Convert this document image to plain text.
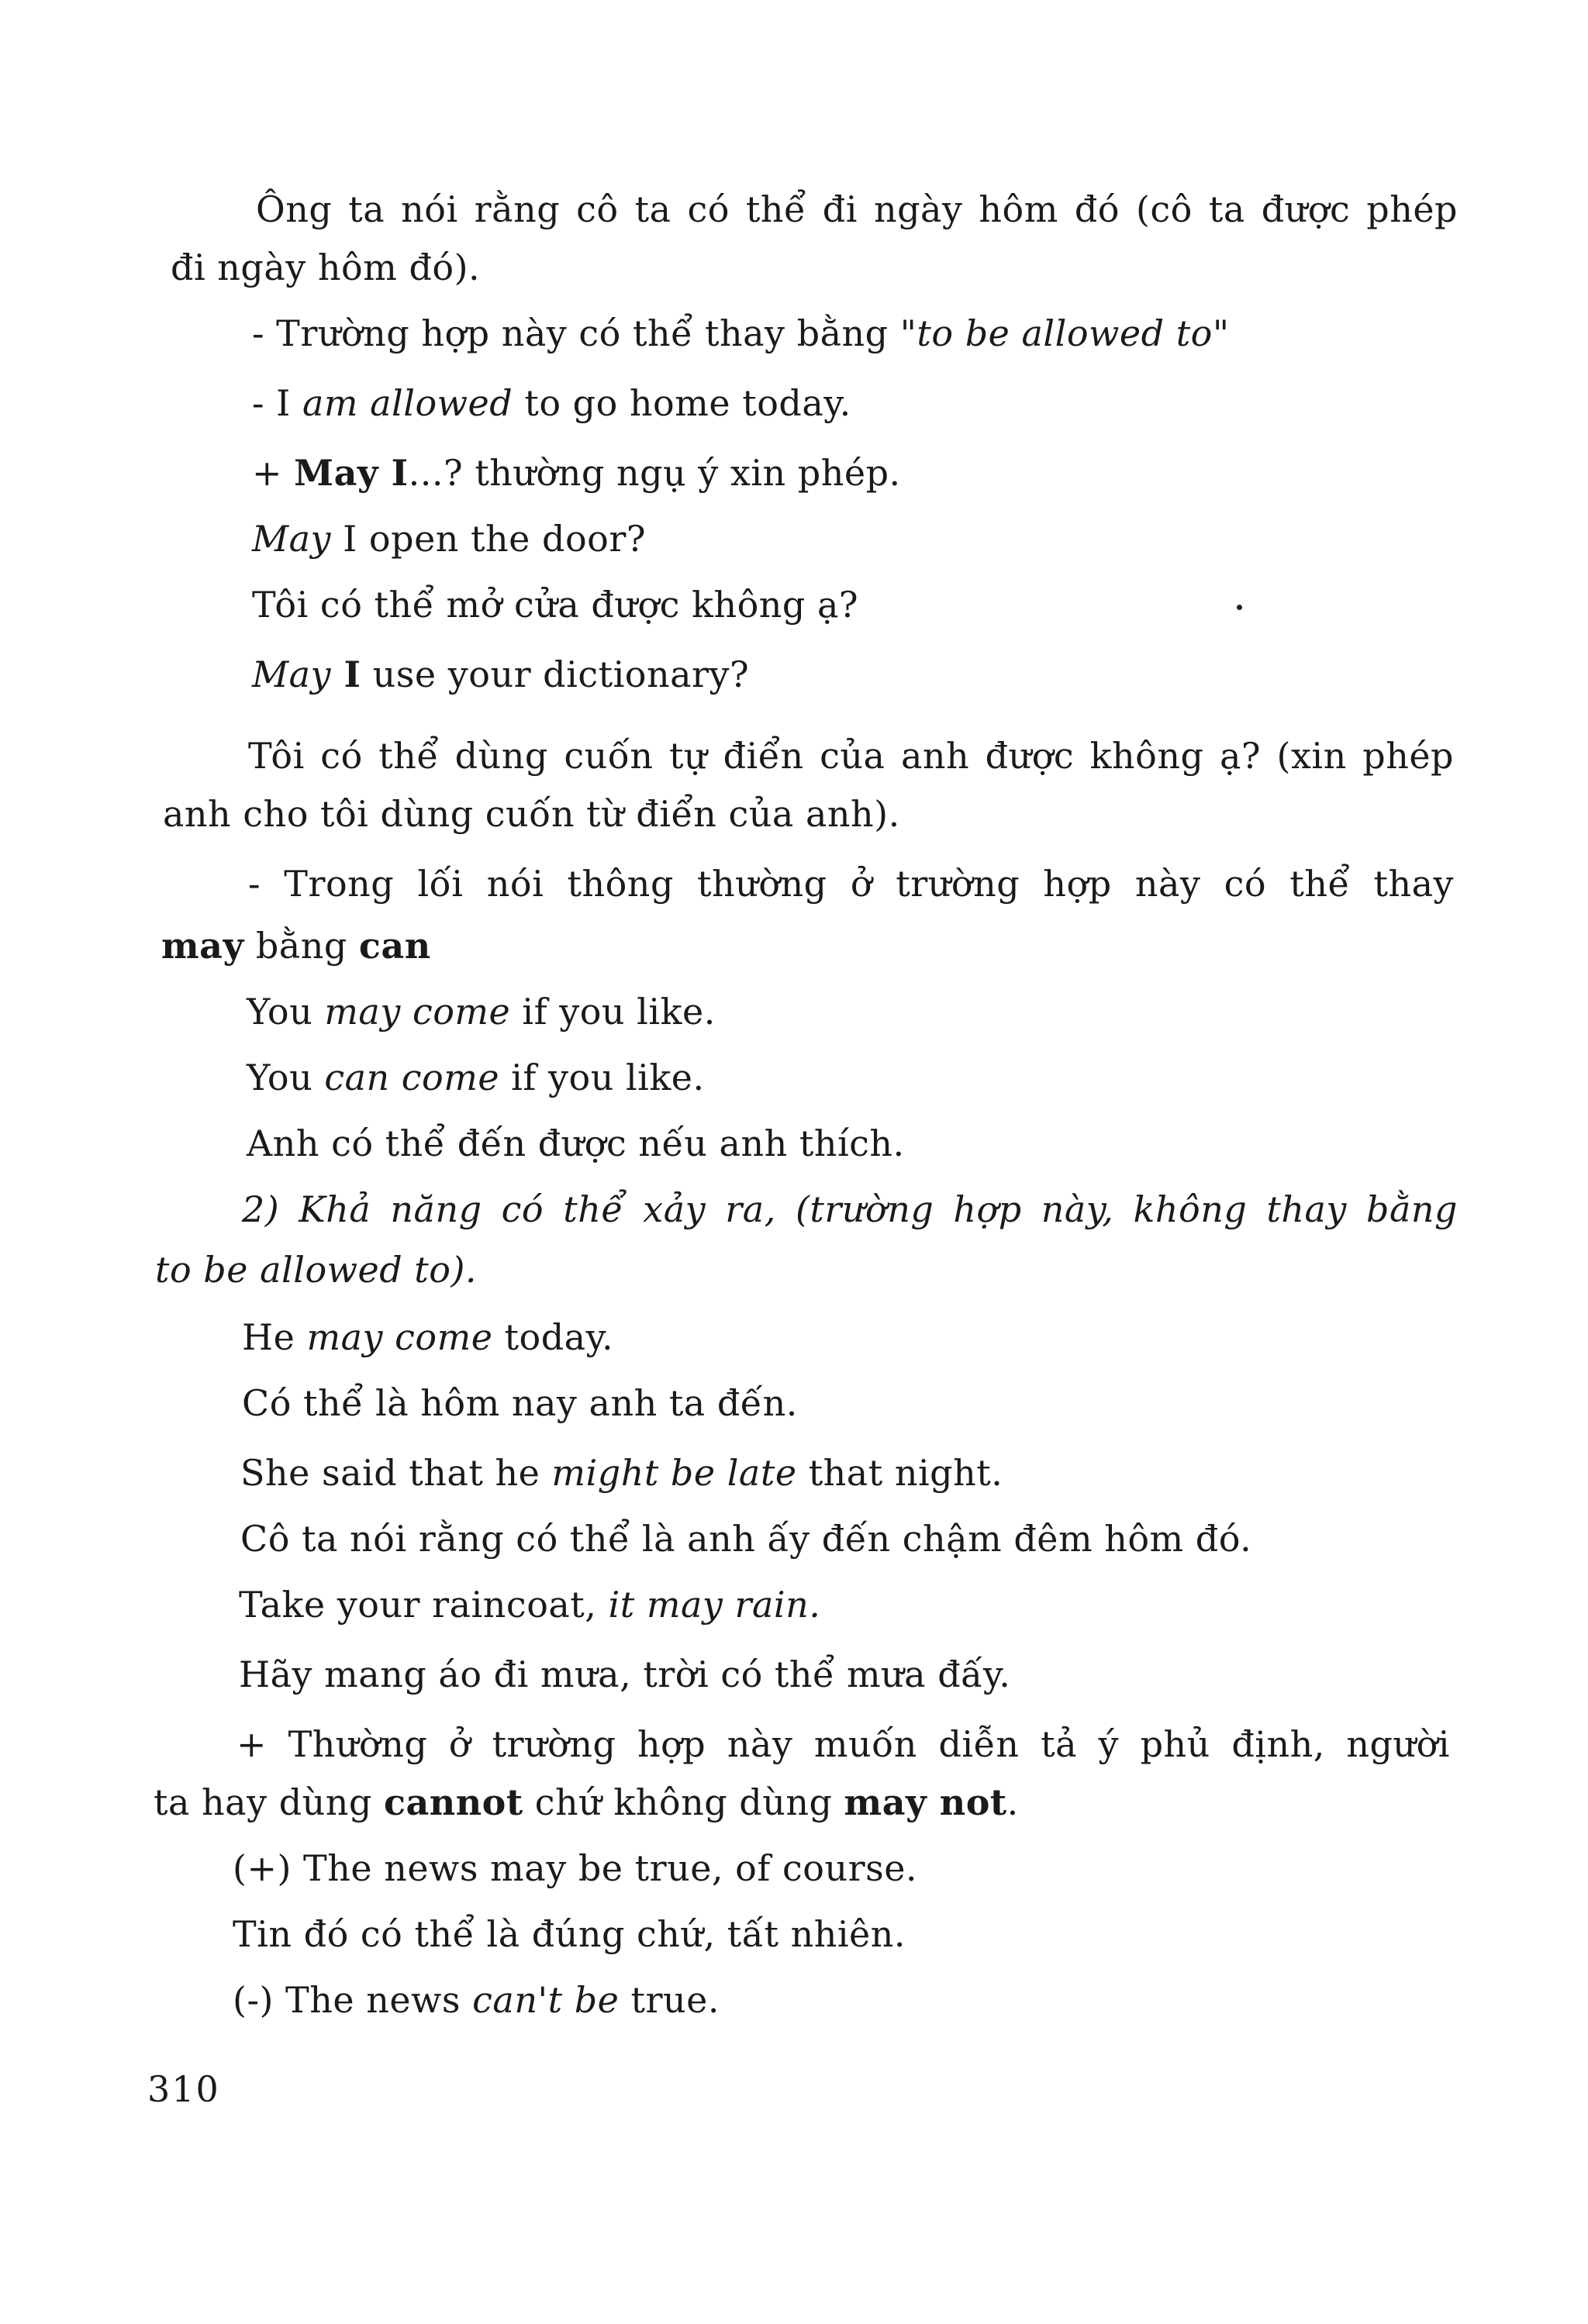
Ông ta nói rằng cô ta có thể đi ngày hôm đó (cô ta được phép
đi ngày hôm đó).
- Trường hợp này có thể thay bằng "to be allowed to"
- I am allowed to go home today.
+ May I...? thường ngụ ý xin phép.
May I open the door?
Tôi có thể mở cửa được không ạ?
May I use your dictionary?
Tôi có thể dùng cuốn tự điển của anh được không ạ? (xin phép
anh cho tôi dùng cuốn từ điển của anh).
- Trong lối nói thông thường ở trường hợp này có thể thay
may bằng can
You may come if you like.
You can come if you like.
Anh có thể đến được nếu anh thích.
2) Khả năng có thể xảy ra, (trường hợp này, không thay bằng
to be allowed to).
He may come today.
Có thể là hôm nay anh ta đến.
She said that he might be late that night.
Cô ta nói rằng có thể là anh ấy đến chậm đêm hôm đó.
Take your raincoat, it may rain.
Hãy mang áo đi mưa, trời có thể mưa đấy.
+ Thường ở trường hợp này muốn diễn tả ý phủ định, người
ta hay dùng cannot chứ không dùng may not.
(+) The news may be true, of course.
Tin đó có thể là đúng chứ, tất nhiên.
(-) The news can't be true.
310
